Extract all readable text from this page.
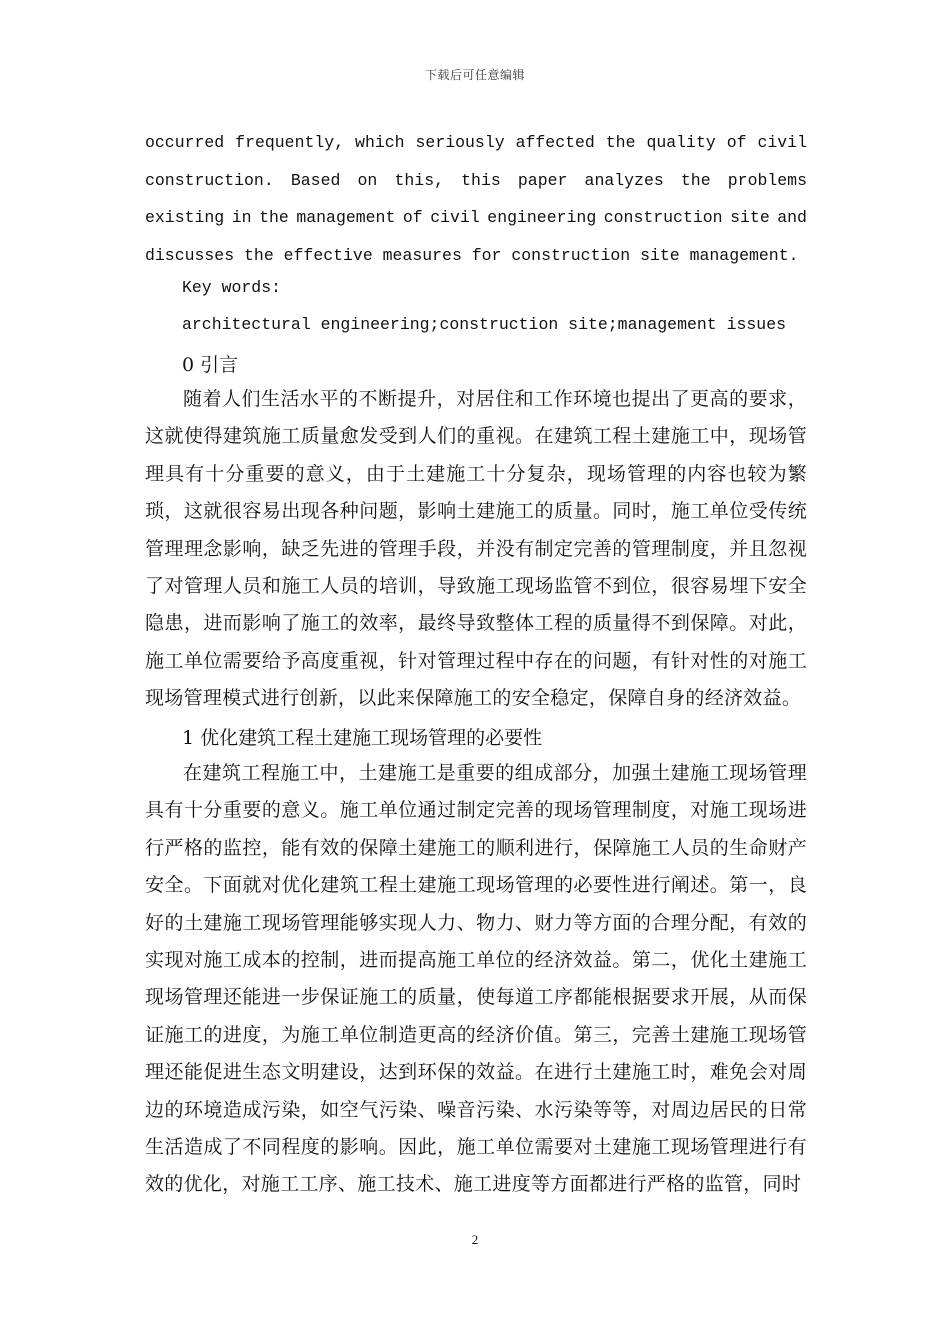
下载后可任意编辑
occurred frequently, which seriously affected the quality of civil
construction. Based on this, this paper analyzes the problems
existing in the management of civil engineering construction site and
discusses the effective measures for construction site management.
Key words:
architectural engineering;construction site;management issues
0 引言

随着人们生活水平的不断提升，对居住和工作环境也提出了更高的要求，这就使得建筑施工质量愈发受到人们的重视。在建筑工程土建施工中，现场管理具有十分重要的意义，由于土建施工十分复杂，现场管理的内容也较为繁琐，这就很容易出现各种问题，影响土建施工的质量。同时，施工单位受传统管理理念影响，缺乏先进的管理手段，并没有制定完善的管理制度，并且忽视了对管理人员和施工人员的培训，导致施工现场监管不到位，很容易埋下安全隐患，进而影响了施工的效率，最终导致整体工程的质量得不到保障。对此，施工单位需要给予高度重视，针对管理过程中存在的问题，有针对性的对施工现场管理模式进行创新，以此来保障施工的安全稳定，保障自身的经济效益。

1 优化建筑工程土建施工现场管理的必要性

在建筑工程施工中，土建施工是重要的组成部分，加强土建施工现场管理具有十分重要的意义。施工单位通过制定完善的现场管理制度，对施工现场进行严格的监控，能有效的保障土建施工的顺利进行，保障施工人员的生命财产安全。下面就对优化建筑工程土建施工现场管理的必要性进行阐述。第一，良好的土建施工现场管理能够实现人力、物力、财力等方面的合理分配，有效的实现对施工成本的控制，进而提高施工单位的经济效益。第二，优化土建施工现场管理还能进一步保证施工的质量，使每道工序都能根据要求开展，从而保证施工的进度，为施工单位制造更高的经济价值。第三，完善土建施工现场管理还能促进生态文明建设，达到环保的效益。在进行土建施工时，难免会对周边的环境造成污染，如空气污染、噪音污染、水污染等等，对周边居民的日常生活造成了不同程度的影响。因此，施工单位需要对土建施工现场管理进行有效的优化，对施工工序、施工技术、施工进度等方面都进行严格的监管，同时

2
